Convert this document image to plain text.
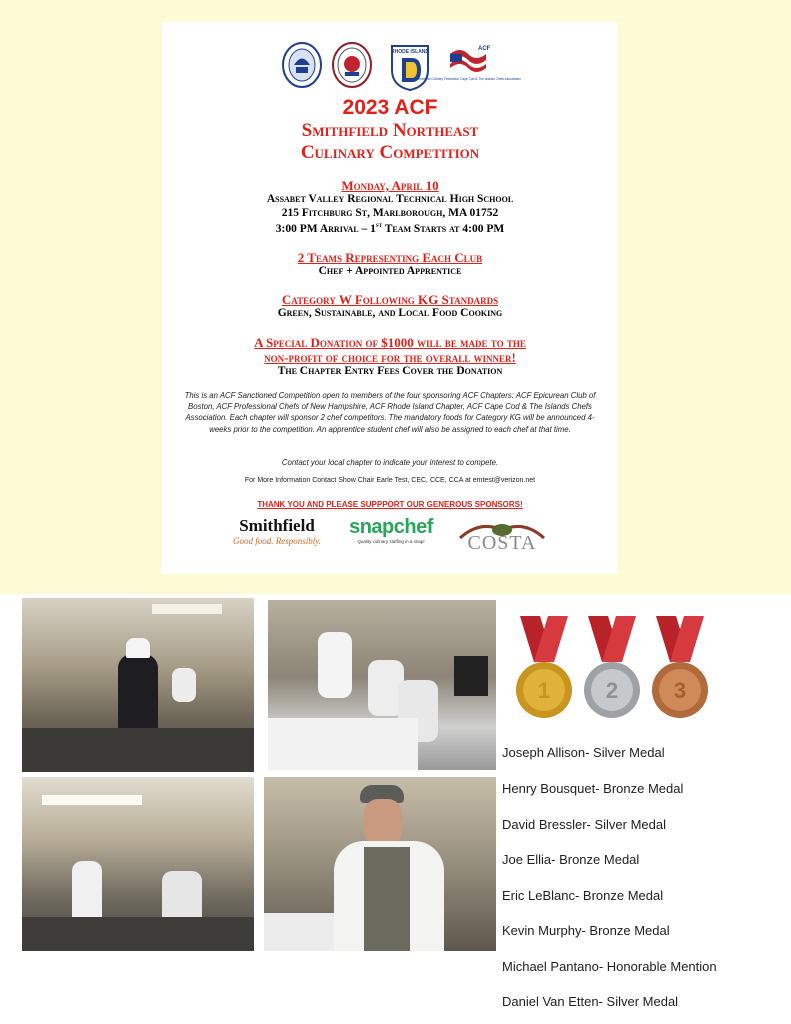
RHODE ISLAND	ACF
American Culinary Federation Cape Cod & The Islands Chefs Association
2023 ACF
Smithfield Northeast
Culinary Competition
Monday, April 10
Assabet Valley Regional Technical High School
215 Fitchburg St, Marlborough, MA 01752
3:00 PM Arrival – 1st Team Starts at 4:00 PM
2 Teams Representing Each Club
Chef + Appointed Apprentice
Category W Following KG Standards
Green, Sustainable, and Local Food Cooking
A Special Donation of $1000 will be made to the
non-profit of choice for the overall winner!
The Chapter Entry Fees Cover the Donation
This is an ACF Sanctioned Competition open to members of the four sponsoring ACF Chapters: ACF Epicurean Club of Boston, ACF Professional Chefs of New Hampshire, ACF Rhode Island Chapter, ACF Cape Cod & The Islands Chefs Association. Each chapter will sponsor 2 chef competitors. The mandatory foods for Category KG will be announced 4-weeks prior to the competition. An apprentice student chef will also be assigned to each chef at that time.
Contact your local chapter to indicate your interest to compete.
For More Information Contact Show Chair Earle Test, CEC, CCE, CCA at emtest@verizon.net
THANK YOU AND PLEASE SUPPPORT OUR GENEROUS SPONSORS!
Smithfield
Good food. Responsibly.
snapchef
Quality culinary staffing in a snap!	COSTA
1	2	3
Joseph Allison- Silver Medal
Henry Bousquet- Bronze Medal
David Bressler- Silver Medal
Joe Ellia- Bronze Medal
Eric LeBlanc- Bronze Medal
Kevin Murphy- Bronze Medal
Michael Pantano- Honorable Mention
Daniel Van Etten- Silver Medal
